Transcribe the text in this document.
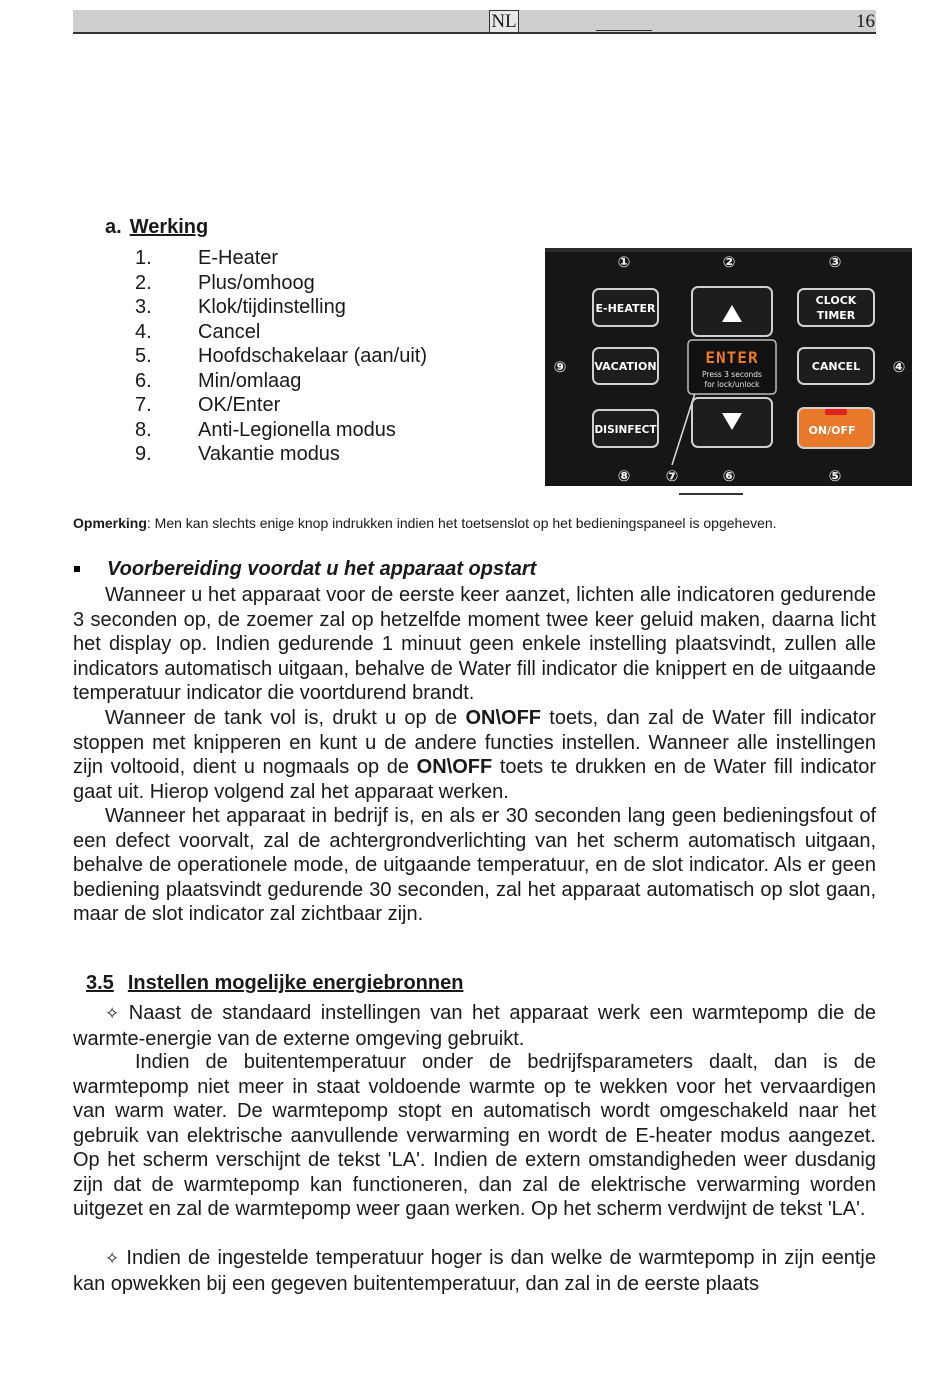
NL	16
a. Werking
1. E-Heater
2. Plus/omhoog
3. Klok/tijdinstelling
4. Cancel
5. Hoofdschakelaar (aan/uit)
6. Min/omlaag
7. OK/Enter
8. Anti-Legionella modus
9. Vakantie modus
①	②	③
④
⑤
⑥
⑦
⑧
⑨
E-HEATER
CLOCK
TIMER
VACATION	ENTER
Press 3 seconds
for lock/unlock
CANCEL
DISINFECT	ON/OFF
Opmerking: Men kan slechts enige knop indrukken indien het toetsenslot op het bedieningspaneel is opgeheven.
Voorbereiding voordat u het apparaat opstart

Wanneer u het apparaat voor de eerste keer aanzet, lichten alle indicatoren gedurende 3 seconden op, de zoemer zal op hetzelfde moment twee keer geluid maken, daarna licht het display op. Indien gedurende 1 minuut geen enkele instelling plaatsvindt, zullen alle indicators automatisch uitgaan, behalve de Water fill indicator die knippert en de uitgaande temperatuur indicator die voortdurend brandt.

Wanneer de tank vol is, drukt u op de ON\OFF toets, dan zal de Water fill indicator stoppen met knipperen en kunt u de andere functies instellen. Wanneer alle instellingen zijn voltooid, dient u nogmaals op de ON\OFF toets te drukken en de Water fill indicator gaat uit. Hierop volgend zal het apparaat werken.

Wanneer het apparaat in bedrijf is, en als er 30 seconden lang geen bedieningsfout of een defect voorvalt, zal de achtergrondverlichting van het scherm automatisch uitgaan, behalve de operationele mode, de uitgaande temperatuur, en de slot indicator. Als er geen bediening plaatsvindt gedurende 30 seconden, zal het apparaat automatisch op slot gaan, maar de slot indicator zal zichtbaar zijn.

3.5 Instellen mogelijke energiebronnen

✧ Naast de standaard instellingen van het apparaat werk een warmtepomp die de warmte-energie van de externe omgeving gebruikt.

Indien de buitentemperatuur onder de bedrijfsparameters daalt, dan is de warmtepomp niet meer in staat voldoende warmte op te wekken voor het vervaardigen van warm water. De warmtepomp stopt en automatisch wordt omgeschakeld naar het gebruik van elektrische aanvullende verwarming en wordt de E-heater modus aangezet. Op het scherm verschijnt de tekst 'LA'. Indien de extern omstandigheden weer dusdanig zijn dat de warmtepomp kan functioneren, dan zal de elektrische verwarming worden uitgezet en zal de warmtepomp weer gaan werken. Op het scherm verdwijnt de tekst 'LA'.

✧ Indien de ingestelde temperatuur hoger is dan welke de warmtepomp in zijn eentje kan opwekken bij een gegeven buitentemperatuur, dan zal in de eerste plaats
